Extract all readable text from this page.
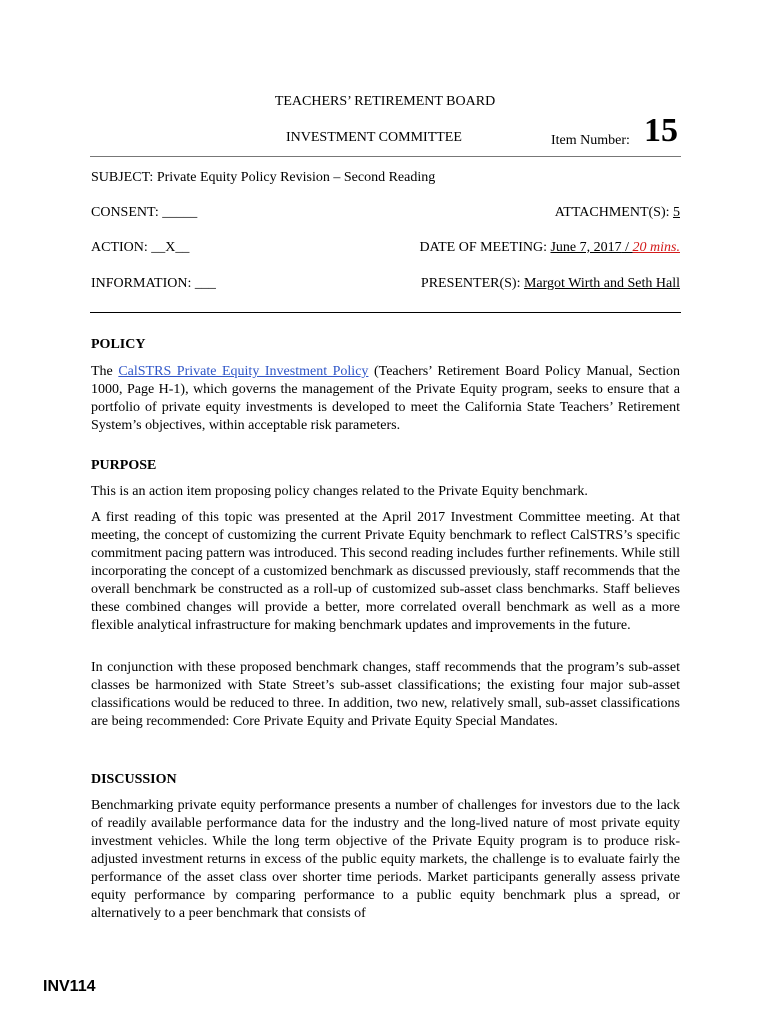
TEACHERS’ RETIREMENT BOARD
INVESTMENT COMMITTEE	Item Number: 15
SUBJECT: Private Equity Policy Revision – Second Reading
CONSENT: _____
ACTION: __X__
INFORMATION: ___
ATTACHMENT(S): 5
DATE OF MEETING: June 7, 2017 / 20 mins.
PRESENTER(S): Margot Wirth and Seth Hall
POLICY

The CalSTRS Private Equity Investment Policy (Teachers’ Retirement Board Policy Manual, Section 1000, Page H-1), which governs the management of the Private Equity program, seeks to ensure that a portfolio of private equity investments is developed to meet the California State Teachers’ Retirement System’s objectives, within acceptable risk parameters.

PURPOSE

This is an action item proposing policy changes related to the Private Equity benchmark.

A first reading of this topic was presented at the April 2017 Investment Committee meeting. At that meeting, the concept of customizing the current Private Equity benchmark to reflect CalSTRS’s specific commitment pacing pattern was introduced. This second reading includes further refinements. While still incorporating the concept of a customized benchmark as discussed previously, staff recommends that the overall benchmark be constructed as a roll-up of customized sub-asset class benchmarks. Staff believes these combined changes will provide a better, more correlated overall benchmark as well as a more flexible analytical infrastructure for making benchmark updates and improvements in the future.

In conjunction with these proposed benchmark changes, staff recommends that the program’s sub-asset classes be harmonized with State Street’s sub-asset classifications; the existing four major sub-asset classifications would be reduced to three. In addition, two new, relatively small, sub-asset classifications are being recommended: Core Private Equity and Private Equity Special Mandates.

DISCUSSION

Benchmarking private equity performance presents a number of challenges for investors due to the lack of readily available performance data for the industry and the long-lived nature of most private equity investment vehicles. While the long term objective of the Private Equity program is to produce risk-adjusted investment returns in excess of the public equity markets, the challenge is to evaluate fairly the performance of the asset class over shorter time periods. Market participants generally assess private equity performance by comparing performance to a public equity benchmark plus a spread, or alternatively to a peer benchmark that consists of

INV114
